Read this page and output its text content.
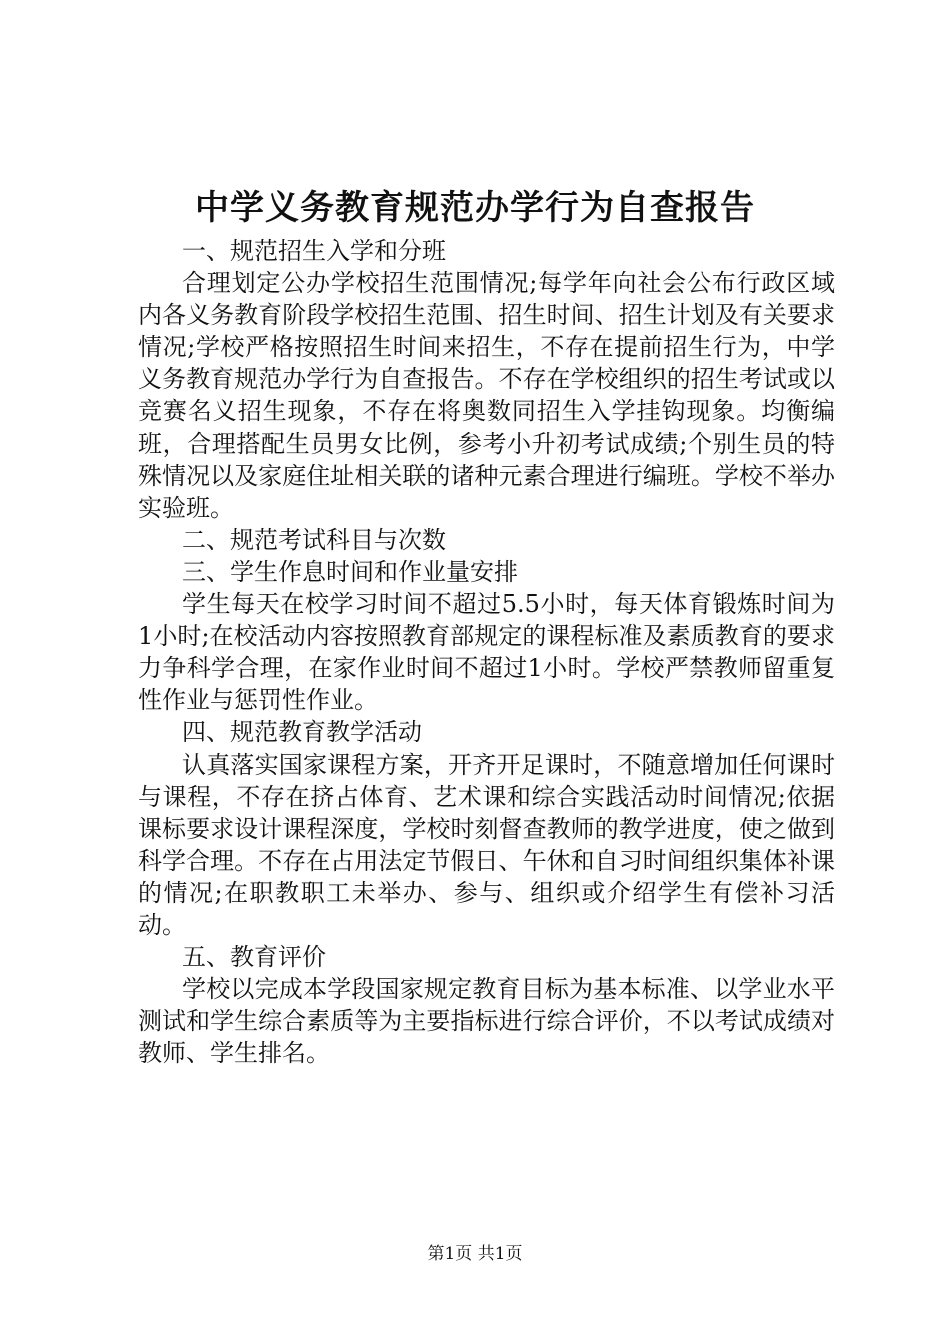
中学义务教育规范办学行为自查报告

一、规范招生入学和分班

合理划定公办学校招生范围情况;每学年向社会公布行政区域内各义务教育阶段学校招生范围、招生时间、招生计划及有关要求情况;学校严格按照招生时间来招生，不存在提前招生行为，中学义务教育规范办学行为自查报告。不存在学校组织的招生考试或以竞赛名义招生现象，不存在将奥数同招生入学挂钩现象。均衡编班，合理搭配生员男女比例，参考小升初考试成绩;个别生员的特殊情况以及家庭住址相关联的诸种元素合理进行编班。学校不举办实验班。

二、规范考试科目与次数

三、学生作息时间和作业量安排

学生每天在校学习时间不超过5.5小时，每天体育锻炼时间为1小时;在校活动内容按照教育部规定的课程标准及素质教育的要求力争科学合理，在家作业时间不超过1小时。学校严禁教师留重复性作业与惩罚性作业。

四、规范教育教学活动

认真落实国家课程方案，开齐开足课时，不随意增加任何课时与课程，不存在挤占体育、艺术课和综合实践活动时间情况;依据课标要求设计课程深度，学校时刻督查教师的教学进度，使之做到科学合理。不存在占用法定节假日、午休和自习时间组织集体补课的情况;在职教职工未举办、参与、组织或介绍学生有偿补习活动。

五、教育评价

学校以完成本学段国家规定教育目标为基本标准、以学业水平测试和学生综合素质等为主要指标进行综合评价，不以考试成绩对教师、学生排名。

第1页 共1页
